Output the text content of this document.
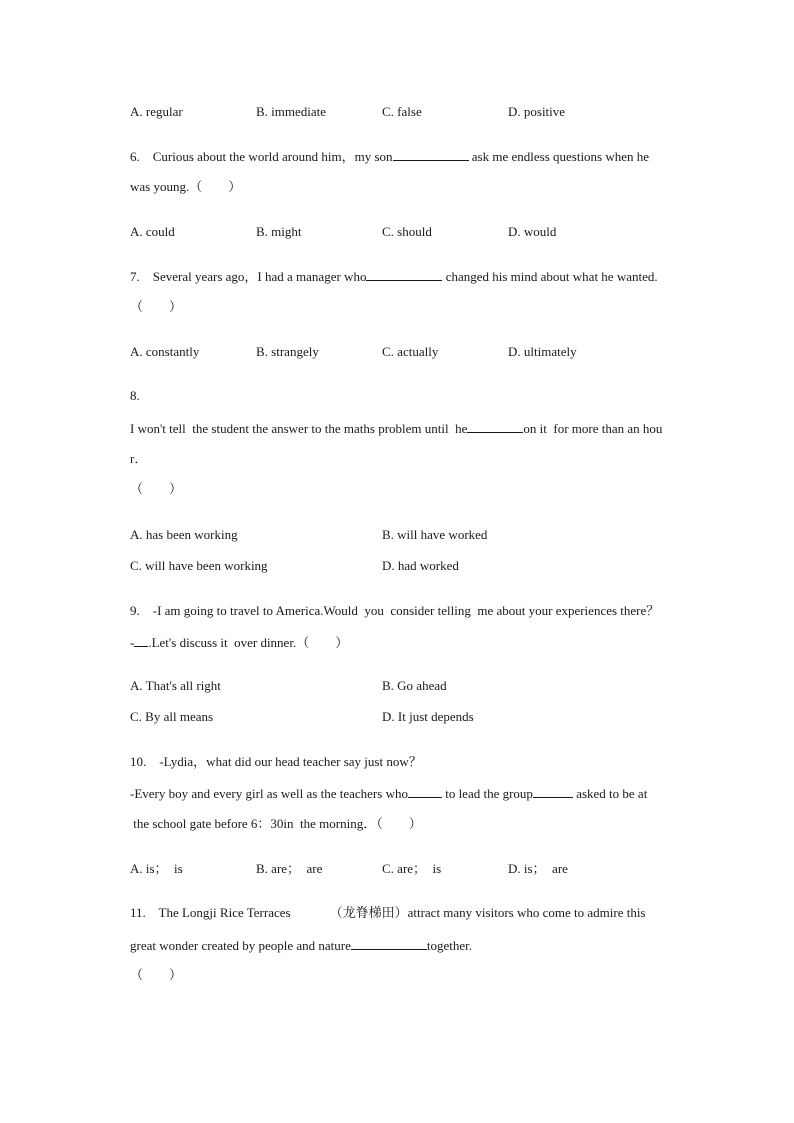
A. regular	B. immediate	C. false	D. positive
6.    Curious about the world around him，my son	ask me endless questions when he
was young.（        ）
A. could	B. might	C. should	D. would
7.    Several years ago，I had a manager who	changed his mind about what he wanted.
（        ）
A. constantly	B. strangely	C. actually	D. ultimately
8.
I won't tell  the student the answer to the maths problem until  he	on it  for more than an hou
r．
（        ）
A. has been working	B. will have worked
C. will have been working	D. had worked
9.    -I am going to travel to America.Would  you  consider telling  me about your experiences there？
- .Let's discuss it  over dinner.（        ）
A. That's all right	B. Go ahead
C. By all means	D. It just depends
10.    -Lydia，what did our head teacher say just now？
-Every boy and every girl as well as the teachers who	to lead the group	asked to be at
the school gate before 6：30in  the morning．（        ）
A. is；  is	B. are；  are	C. are；  is	D. is；  are
11.    The Longji Rice Terraces            （龙脊梯田）attract many visitors who come to admire this
great wonder created by people and nature	together.
（        ）
